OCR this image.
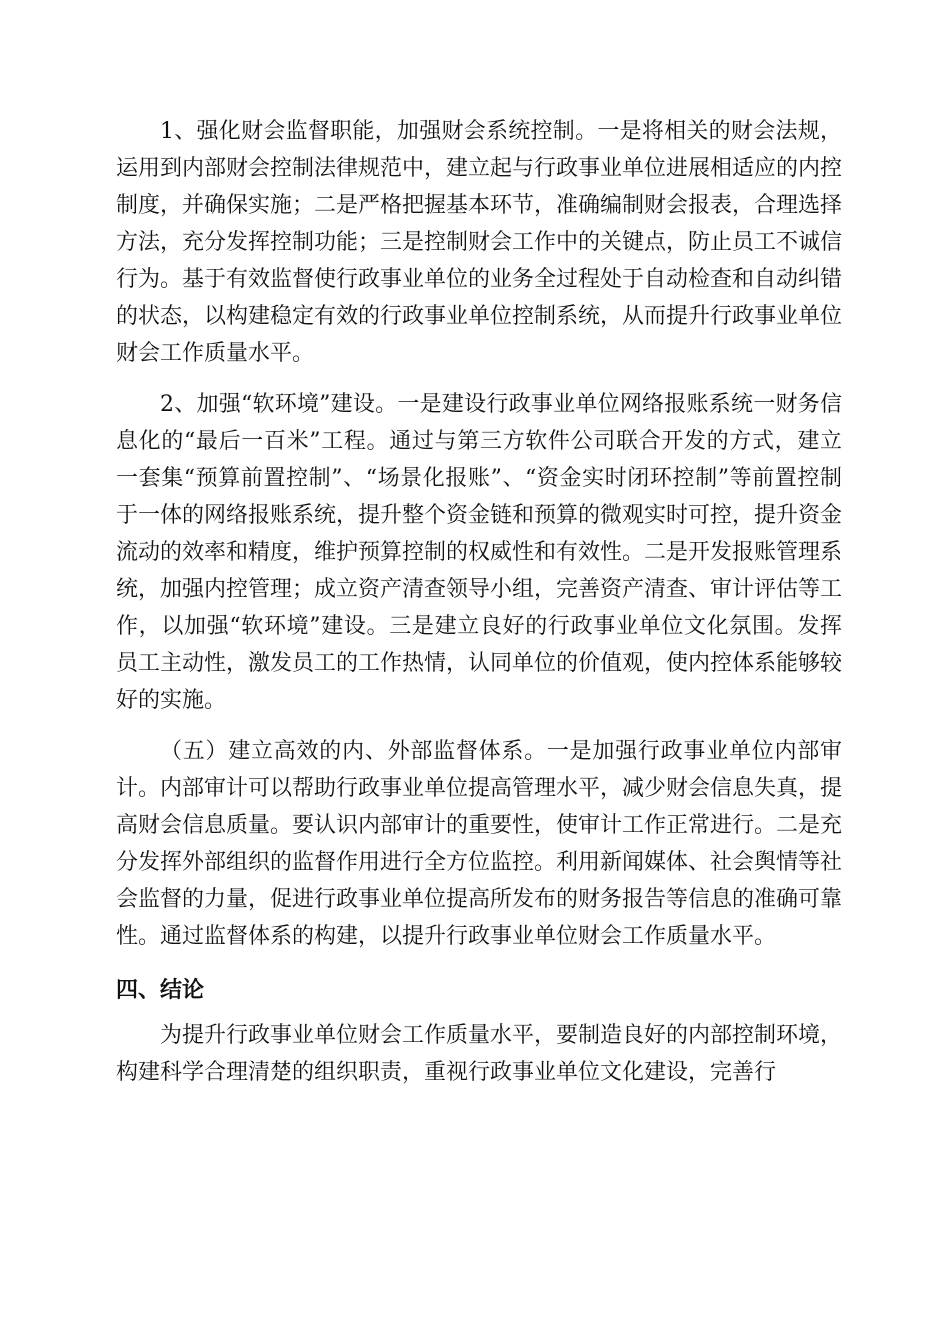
1、强化财会监督职能，加强财会系统控制。一是将相关的财会法规，运用到内部财会控制法律规范中，建立起与行政事业单位进展相适应的内控制度，并确保实施；二是严格把握基本环节，准确编制财会报表，合理选择方法，充分发挥控制功能；三是控制财会工作中的关键点，防止员工不诚信行为。基于有效监督使行政事业单位的业务全过程处于自动检查和自动纠错的状态，以构建稳定有效的行政事业单位控制系统，从而提升行政事业单位财会工作质量水平。

2、加强“软环境”建设。一是建设行政事业单位网络报账系统一财务信息化的“最后一百米”工程。通过与第三方软件公司联合开发的方式，建立一套集“预算前置控制”、“场景化报账”、“资金实时闭环控制”等前置控制于一体的网络报账系统，提升整个资金链和预算的微观实时可控，提升资金流动的效率和精度，维护预算控制的权威性和有效性。二是开发报账管理系统，加强内控管理；成立资产清查领导小组，完善资产清查、审计评估等工作，以加强“软环境”建设。三是建立良好的行政事业单位文化氛围。发挥员工主动性，激发员工的工作热情，认同单位的价值观，使内控体系能够较好的实施。

（五）建立高效的内、外部监督体系。一是加强行政事业单位内部审计。内部审计可以帮助行政事业单位提高管理水平，减少财会信息失真，提高财会信息质量。要认识内部审计的重要性，使审计工作正常进行。二是充分发挥外部组织的监督作用进行全方位监控。利用新闻媒体、社会舆情等社会监督的力量，促进行政事业单位提高所发布的财务报告等信息的准确可靠性。通过监督体系的构建，以提升行政事业单位财会工作质量水平。

四、结论

为提升行政事业单位财会工作质量水平，要制造良好的内部控制环境，构建科学合理清楚的组织职责，重视行政事业单位文化建设，完善行
